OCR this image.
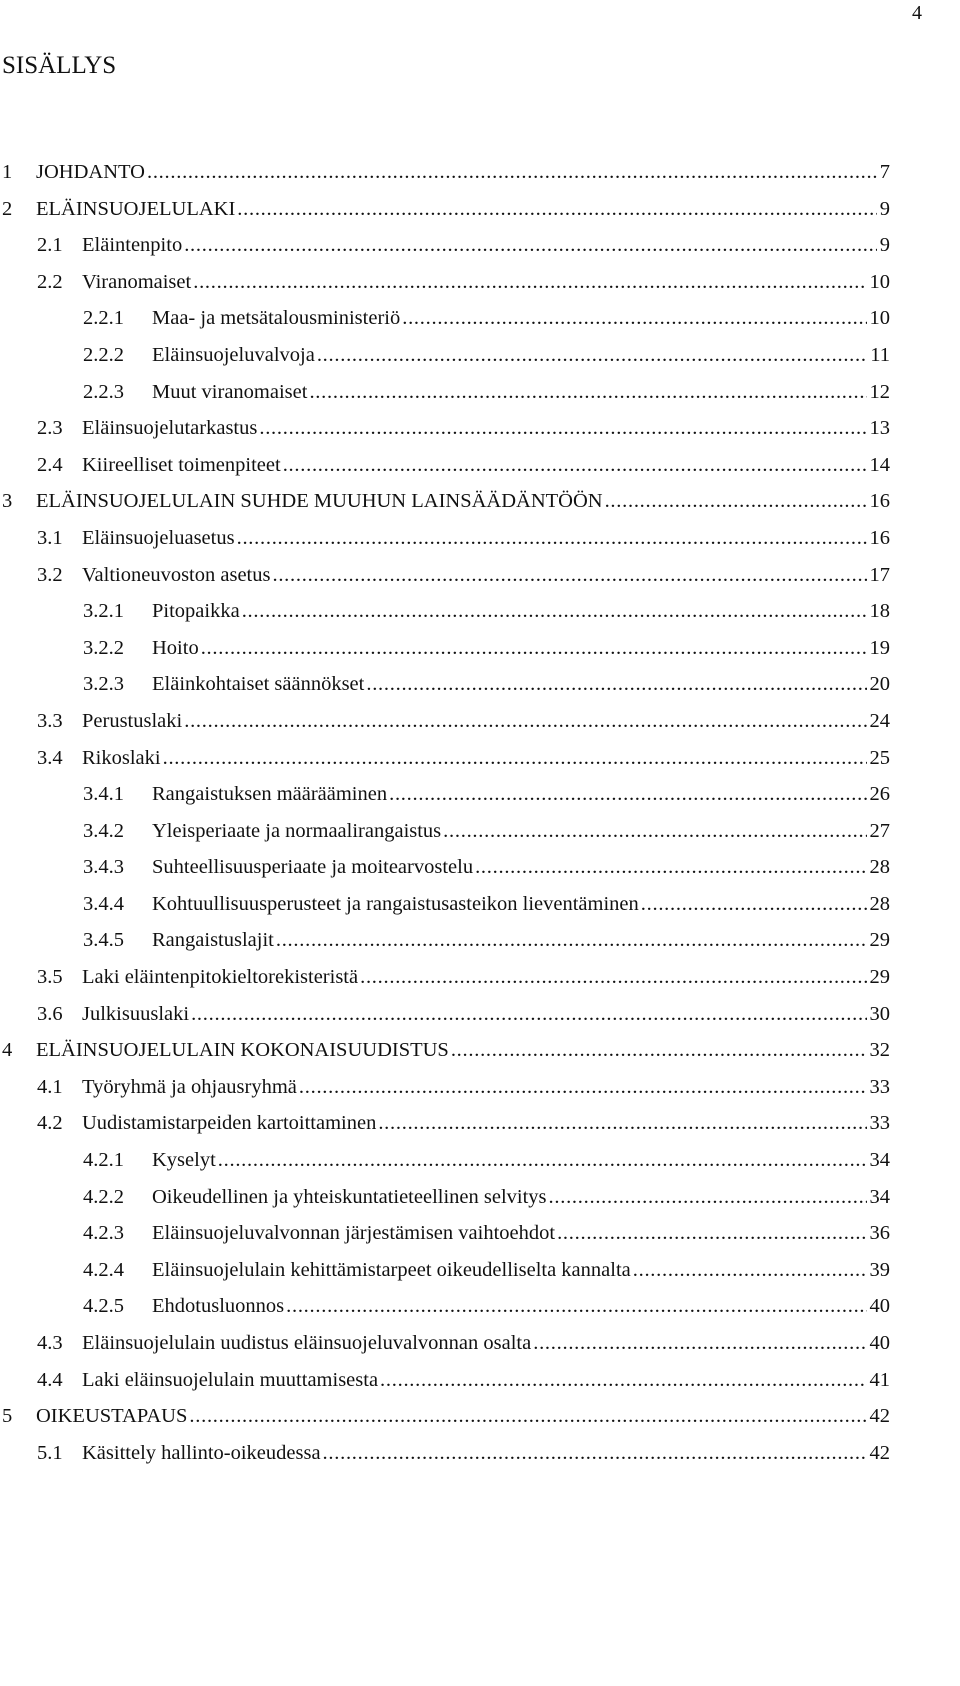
4
SISÄLLYS
1	JOHDANTO . . .	7
2	ELÄINSUOJELULAKI . . .	9
2.1 Eläintenpito . . .	9
2.2 Viranomaiset . . .	10
2.2.1	Maa- ja metsätalousministeriö . . .	10
2.2.2	Eläinsuojeluvalvoja . . .	11
2.2.3	Muut viranomaiset . . .	12
2.3 Eläinsuojelutarkastus . . .	13
2.4 Kiireelliset toimenpiteet . . .	14
3	ELÄINSUOJELULAIN SUHDE MUUHUN LAINSÄÄDÄNTÖÖN . . .	16
3.1 Eläinsuojeluasetus . . .	16
3.2 Valtioneuvoston asetus . . .	17
3.2.1	Pitopaikka . . .	18
3.2.2	Hoito . . .	19
3.2.3	Eläinkohtaiset säännökset . . .	20
3.3 Perustuslaki . . .	24
3.4 Rikoslaki . . .	25
3.4.1	Rangaistuksen määrääminen . . .	26
3.4.2	Yleisperiaate ja normaalirangaistus . . .	27
3.4.3	Suhteellisuusperiaate ja moitearvostelu . . .	28
3.4.4	Kohtuullisuusperusteet ja rangaistusasteikon lieventäminen . . .	28
3.4.5	Rangaistuslajit . . .	29
3.5 Laki eläintenpitokieltorekisteristä . . .	29
3.6 Julkisuuslaki . . .	30
4	ELÄINSUOJELULAIN KOKONAISUUDISTUS . . .	32
4.1 Työryhmä ja ohjausryhmä . . .	33
4.2 Uudistamistarpeiden kartoittaminen . . .	33
4.2.1	Kyselyt . . .	34
4.2.2	Oikeudellinen ja yhteiskuntatieteellinen selvitys . . .	34
4.2.3	Eläinsuojeluvalvonnan järjestämisen vaihtoehdot . . .	36
4.2.4	Eläinsuojelulain kehittämistarpeet oikeudelliselta kannalta . . .	39
4.2.5	Ehdotusluonnos . . .	40
4.3 Eläinsuojelulain uudistus eläinsuojeluvalvonnan osalta . . .	40
4.4 Laki eläinsuojelulain muuttamisesta . . .	41
5	OIKEUSTAPAUS . . .	42
5.1 Käsittely hallinto-oikeudessa . . .	42
